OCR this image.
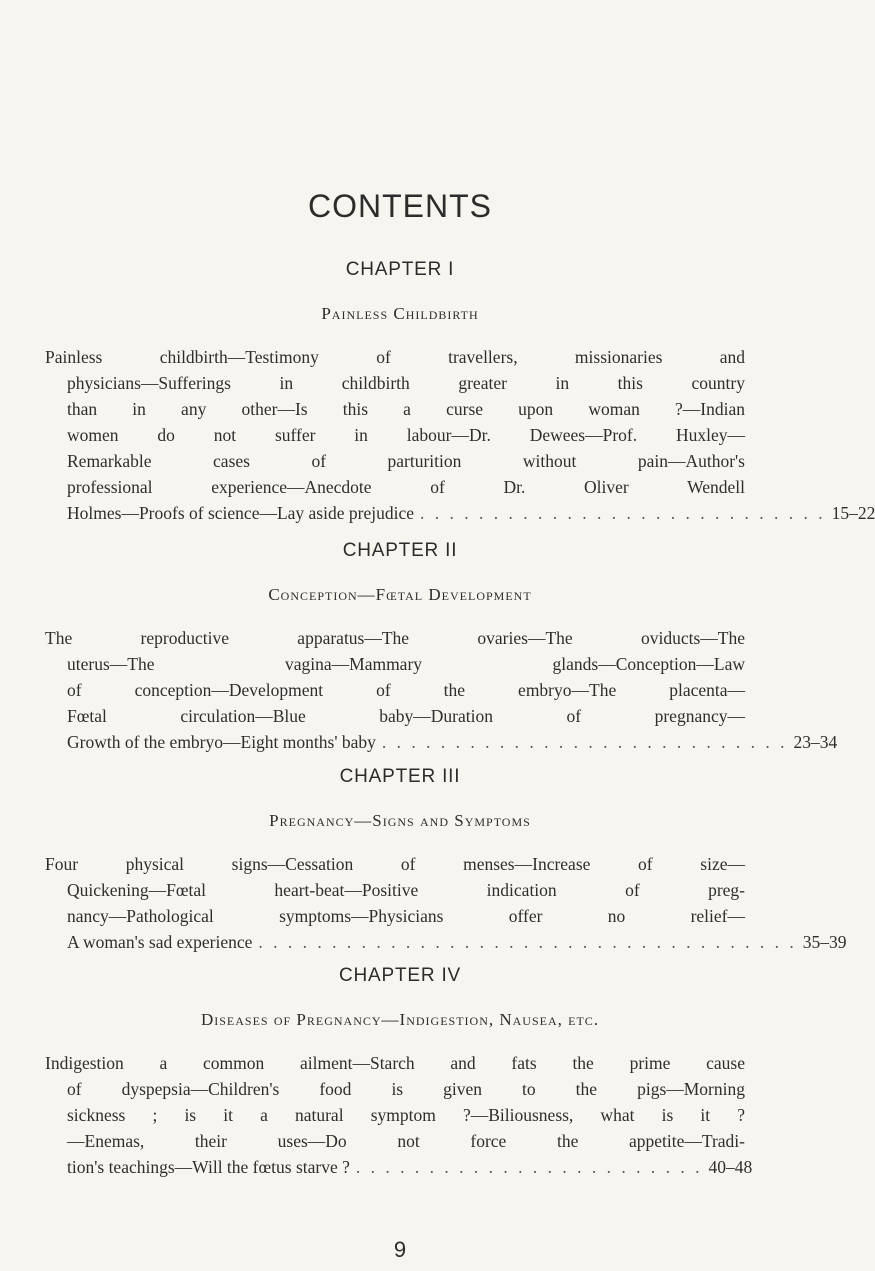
CONTENTS
CHAPTER I
Painless Childbirth
Painless childbirth—Testimony of travellers, missionaries and
physicians—Sufferings in childbirth greater in this country
than in any other—Is this a curse upon woman ?—Indian
women do not suffer in labour—Dr. Dewees—Prof. Huxley—
Remarkable cases of parturition without pain—Author's
professional experience—Anecdote of Dr. Oliver Wendell
Holmes—Proofs of science—Lay aside prejudice . . . . . . . . . . . . . . . . . . . . . . . . . . . . 15–22
CHAPTER II
Conception—Fœtal Development
The reproductive apparatus—The ovaries—The oviducts—The
uterus—The vagina—Mammary glands—Conception—Law
of conception—Development of the embryo—The placenta—
Fœtal circulation—Blue baby—Duration of pregnancy—
Growth of the embryo—Eight months' baby . . . . . . . . . . . . . . . . . . . . . . . . . . . . 23–34
CHAPTER III
Pregnancy—Signs and Symptoms
Four physical signs—Cessation of menses—Increase of size—
Quickening—Fœtal heart-beat—Positive indication of preg-
nancy—Pathological symptoms—Physicians offer no relief—
A woman's sad experience . . . . . . . . . . . . . . . . . . . . . . . . . . . . . . . . . . . . . 35–39
CHAPTER IV
Diseases of Pregnancy—Indigestion, Nausea, etc.
Indigestion a common ailment—Starch and fats the prime cause
of dyspepsia—Children's food is given to the pigs—Morning
sickness ; is it a natural symptom ?—Biliousness, what is it ?
—Enemas, their uses—Do not force the appetite—Tradi-
tion's teachings—Will the fœtus starve ? . . . . . . . . . . . . . . . . . . . . . . . . 40–48
9
